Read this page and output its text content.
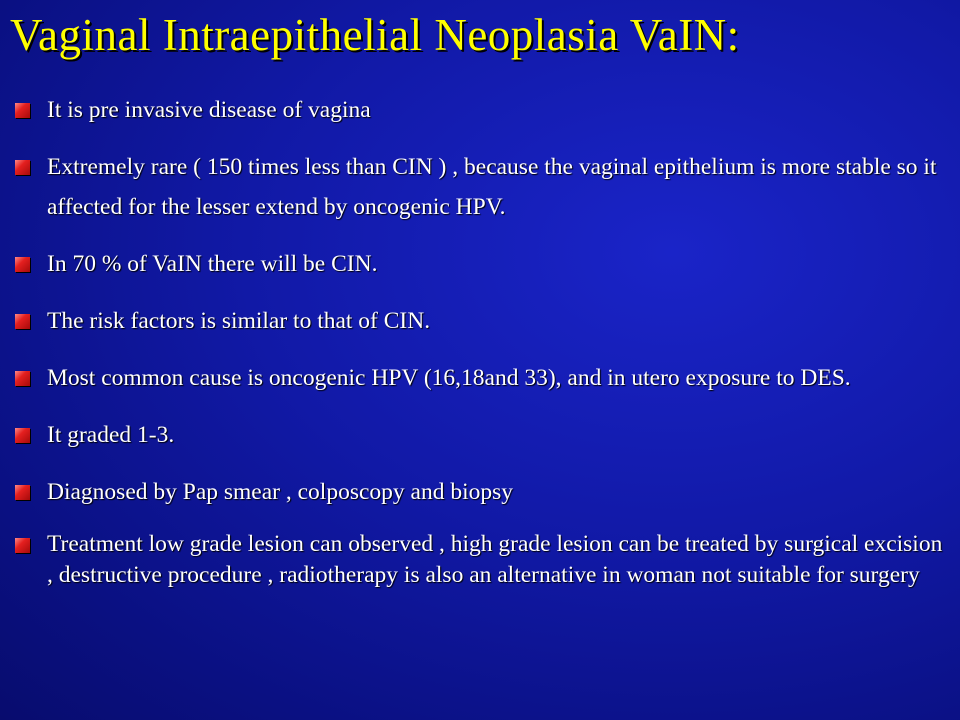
Vaginal Intraepithelial Neoplasia VaIN:
It is pre invasive disease of vagina
Extremely rare ( 150 times less than CIN ) , because the vaginal epithelium is more stable so it affected for the lesser extend by oncogenic HPV.
In 70 % of VaIN there will be CIN.
The risk factors is similar to that of CIN.
Most common cause is oncogenic HPV (16,18and 33), and in utero exposure to DES.
It graded 1-3.
Diagnosed by Pap smear , colposcopy and biopsy
Treatment low grade lesion can observed , high grade lesion can be treated by surgical excision , destructive procedure , radiotherapy is also an alternative in woman not suitable for surgery
